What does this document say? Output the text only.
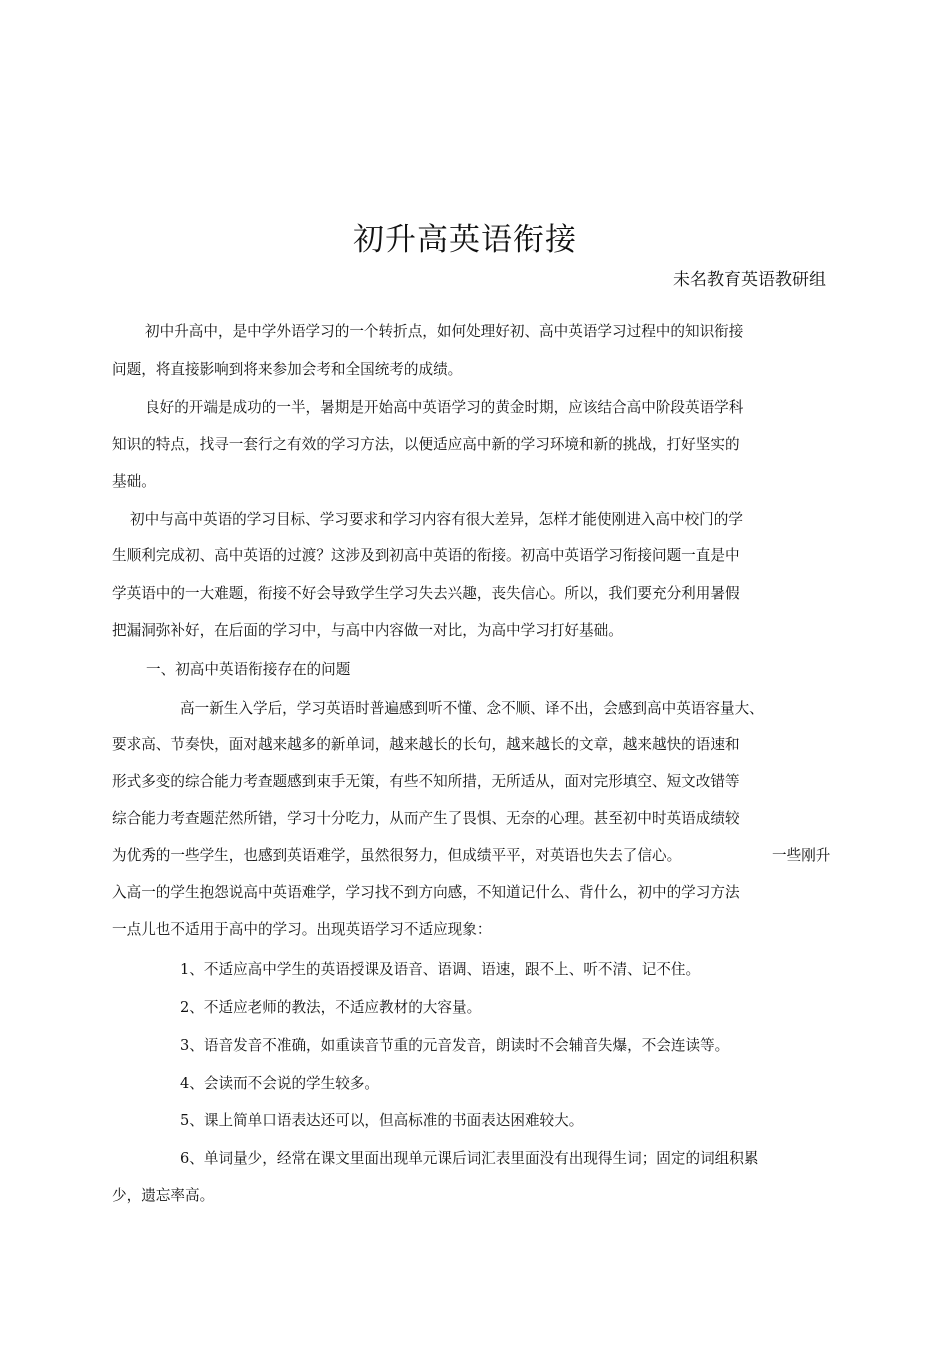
初升高英语衔接
未名教育英语教研组
初中升高中，是中学外语学习的一个转折点，如何处理好初、高中英语学习过程中的知识衔接
问题，将直接影响到将来参加会考和全国统考的成绩。
良好的开端是成功的一半，暑期是开始高中英语学习的黄金时期，应该结合高中阶段英语学科
知识的特点，找寻一套行之有效的学习方法，以便适应高中新的学习环境和新的挑战，打好坚实的
基础。
初中与高中英语的学习目标、学习要求和学习内容有很大差异，怎样才能使刚进入高中校门的学
生顺利完成初、高中英语的过渡？这涉及到初高中英语的衔接。初高中英语学习衔接问题一直是中
学英语中的一大难题，衔接不好会导致学生学习失去兴趣，丧失信心。所以，我们要充分利用暑假
把漏洞弥补好，在后面的学习中，与高中内容做一对比，为高中学习打好基础。
一、初高中英语衔接存在的问题
高一新生入学后，学习英语时普遍感到听不懂、念不顺、译不出，会感到高中英语容量大、
要求高、节奏快，面对越来越多的新单词，越来越长的长句，越来越长的文章，越来越快的语速和
形式多变的综合能力考查题感到束手无策，有些不知所措，无所适从，面对完形填空、短文改错等
综合能力考查题茫然所错，学习十分吃力，从而产生了畏惧、无奈的心理。甚至初中时英语成绩较
为优秀的一些学生，也感到英语难学，虽然很努力，但成绩平平，对英语也失去了信心。	一些刚升
入高一的学生抱怨说高中英语难学，学习找不到方向感，不知道记什么、背什么，初中的学习方法
一点儿也不适用于高中的学习。出现英语学习不适应现象：
1、不适应高中学生的英语授课及语音、语调、语速，跟不上、听不清、记不住。
2、不适应老师的教法，不适应教材的大容量。
3、语音发音不准确，如重读音节重的元音发音，朗读时不会辅音失爆，不会连读等。
4、会读而不会说的学生较多。
5、课上简单口语表达还可以，但高标准的书面表达困难较大。
6、单词量少，经常在课文里面出现单元课后词汇表里面没有出现得生词；固定的词组积累
少，遗忘率高。
